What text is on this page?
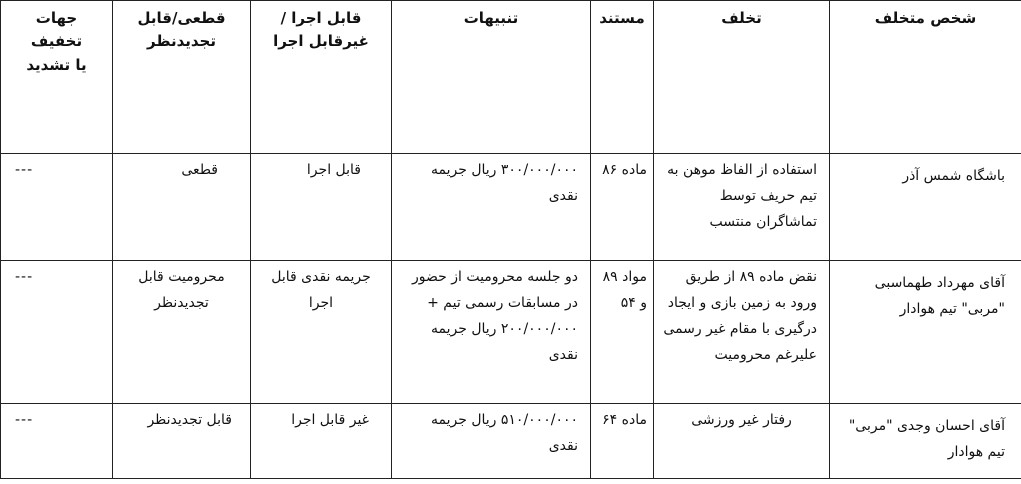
شخص متخلف	تخلف	مستند	تنبیهات	قابل اجرا /غیرقابل اجرا	قطعی/قابل تجدیدنظر	جهات تخفیف یا تشدید

باشگاه شمس آذر	استفاده از الفاظ موهن به تیم حریف توسط تماشاگران منتسب	ماده ۸۶	۳۰۰/۰۰۰/۰۰۰ ریال جریمه نقدی	قابل اجرا	قطعی	---

آقای مهرداد طهماسبی "مربی" تیم هوادار	نقض ماده ۸۹ از طریق ورود به زمین بازی و ایجاد درگیری با مقام غیر رسمی علیرغم محرومیت	مواد ۸۹ و ۵۴	دو جلسه محرومیت از حضور در مسابقات رسمی تیم + ۲۰۰/۰۰۰/۰۰۰ ریال جریمه نقدی	جریمه نقدی قابل اجرا	محرومیت قابل تجدیدنظر	---

آقای احسان وجدی "مربی" تیم هوادار	رفتار غیر ورزشی	ماده ۶۴	۵۱۰/۰۰۰/۰۰۰ ریال جریمه نقدی	غیر قابل اجرا	قابل تجدیدنظر	---
